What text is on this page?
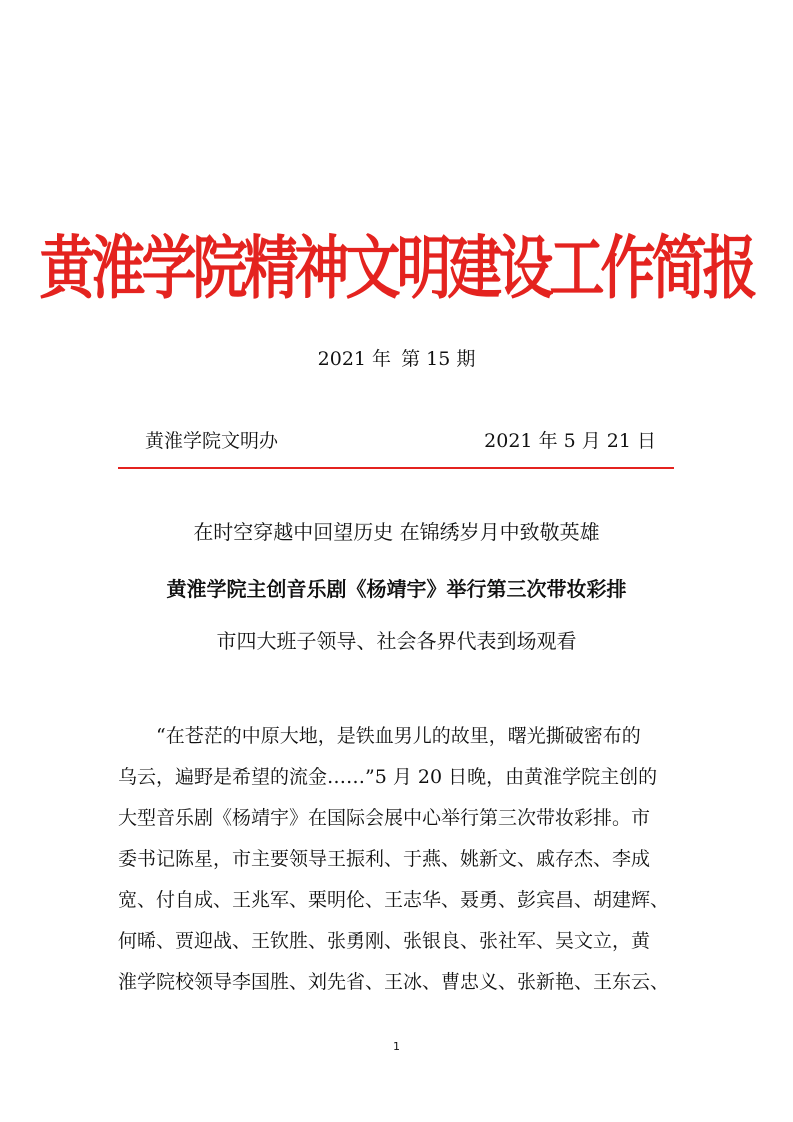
黄淮学院精神文明建设工作简报
2021 年 第 15 期
黄淮学院文明办	2021 年 5 月 21 日
在时空穿越中回望历史 在锦绣岁月中致敬英雄
黄淮学院主创音乐剧《杨靖宇》举行第三次带妆彩排
市四大班子领导、社会各界代表到场观看
　　“在苍茫的中原大地，是铁血男儿的故里，曙光撕破密布的
乌云，遍野是希望的流金……”5 月 20 日晚，由黄淮学院主创的
大型音乐剧《杨靖宇》在国际会展中心举行第三次带妆彩排。市
委书记陈星，市主要领导王振利、于燕、姚新文、戚存杰、李成
宽、付自成、王兆军、栗明伦、王志华、聂勇、彭宾昌、胡建辉、
何晞、贾迎战、王钦胜、张勇刚、张银良、张社军、吴文立，黄
淮学院校领导李国胜、刘先省、王冰、曹忠义、张新艳、王东云、
1
